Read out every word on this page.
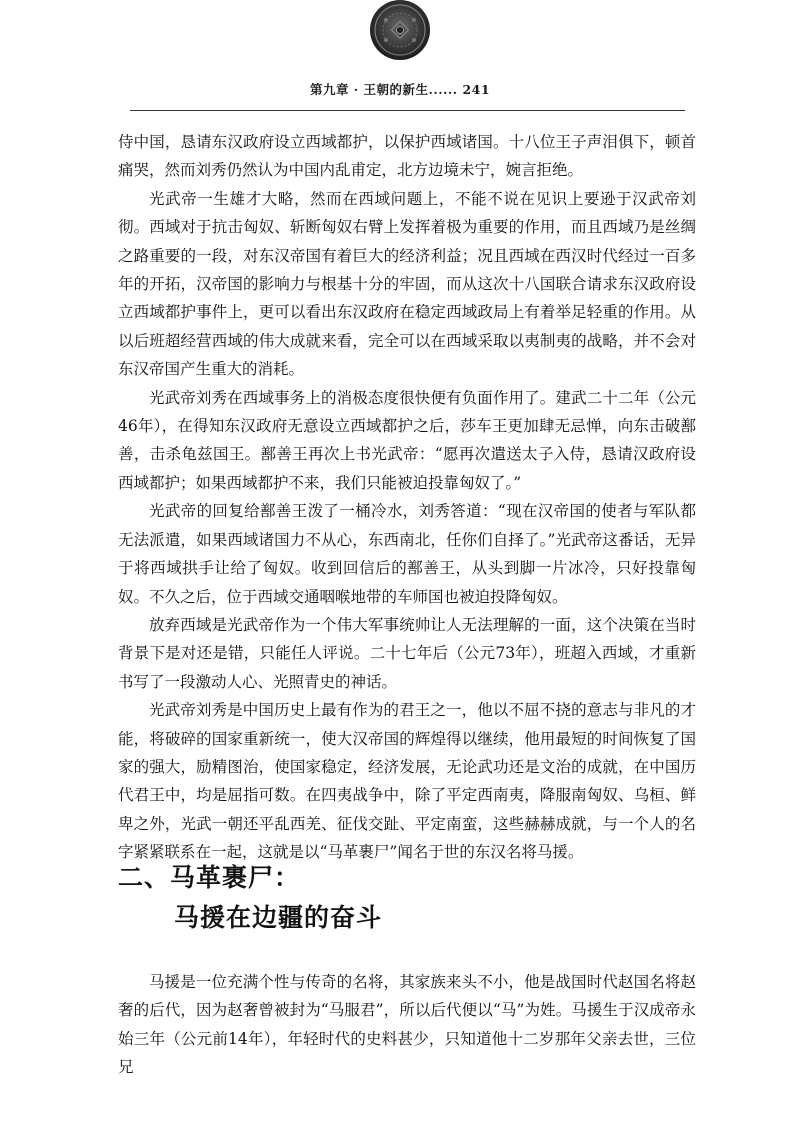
第九章 · 王朝的新生...... 241

侍中国，恳请东汉政府设立西域都护，以保护西域诸国。十八位王子声泪俱下，顿首痛哭，然而刘秀仍然认为中国内乱甫定，北方边境未宁，婉言拒绝。

光武帝一生雄才大略，然而在西域问题上，不能不说在见识上要逊于汉武帝刘彻。西域对于抗击匈奴、斩断匈奴右臂上发挥着极为重要的作用，而且西域乃是丝绸之路重要的一段，对东汉帝国有着巨大的经济利益；况且西域在西汉时代经过一百多年的开拓，汉帝国的影响力与根基十分的牢固，而从这次十八国联合请求东汉政府设立西域都护事件上，更可以看出东汉政府在稳定西域政局上有着举足轻重的作用。从以后班超经营西域的伟大成就来看，完全可以在西域采取以夷制夷的战略，并不会对东汉帝国产生重大的消耗。

光武帝刘秀在西域事务上的消极态度很快便有负面作用了。建武二十二年（公元46年），在得知东汉政府无意设立西域都护之后，莎车王更加肆无忌惮，向东击破鄯善，击杀龟兹国王。鄯善王再次上书光武帝：“愿再次遣送太子入侍，恳请汉政府设西域都护；如果西域都护不来，我们只能被迫投靠匈奴了。”

光武帝的回复给鄯善王泼了一桶冷水，刘秀答道：“现在汉帝国的使者与军队都无法派遣，如果西域诸国力不从心，东西南北，任你们自择了。”光武帝这番话，无异于将西域拱手让给了匈奴。收到回信后的鄯善王，从头到脚一片冰冷，只好投靠匈奴。不久之后，位于西域交通咽喉地带的车师国也被迫投降匈奴。

放弃西域是光武帝作为一个伟大军事统帅让人无法理解的一面，这个决策在当时背景下是对还是错，只能任人评说。二十七年后（公元73年），班超入西域，才重新书写了一段激动人心、光照青史的神话。

光武帝刘秀是中国历史上最有作为的君王之一，他以不屈不挠的意志与非凡的才能，将破碎的国家重新统一，使大汉帝国的辉煌得以继续，他用最短的时间恢复了国家的强大，励精图治，使国家稳定，经济发展，无论武功还是文治的成就，在中国历代君王中，均是屈指可数。在四夷战争中，除了平定西南夷，降服南匈奴、乌桓、鲜卑之外，光武一朝还平乱西羌、征伐交趾、平定南蛮，这些赫赫成就，与一个人的名字紧紧联系在一起，这就是以“马革裹尸”闻名于世的东汉名将马援。

二、马革裹尸：
马援在边疆的奋斗

马援是一位充满个性与传奇的名将，其家族来头不小，他是战国时代赵国名将赵奢的后代，因为赵奢曾被封为“马服君”，所以后代便以“马”为姓。马援生于汉成帝永始三年（公元前14年），年轻时代的史料甚少，只知道他十二岁那年父亲去世，三位兄
